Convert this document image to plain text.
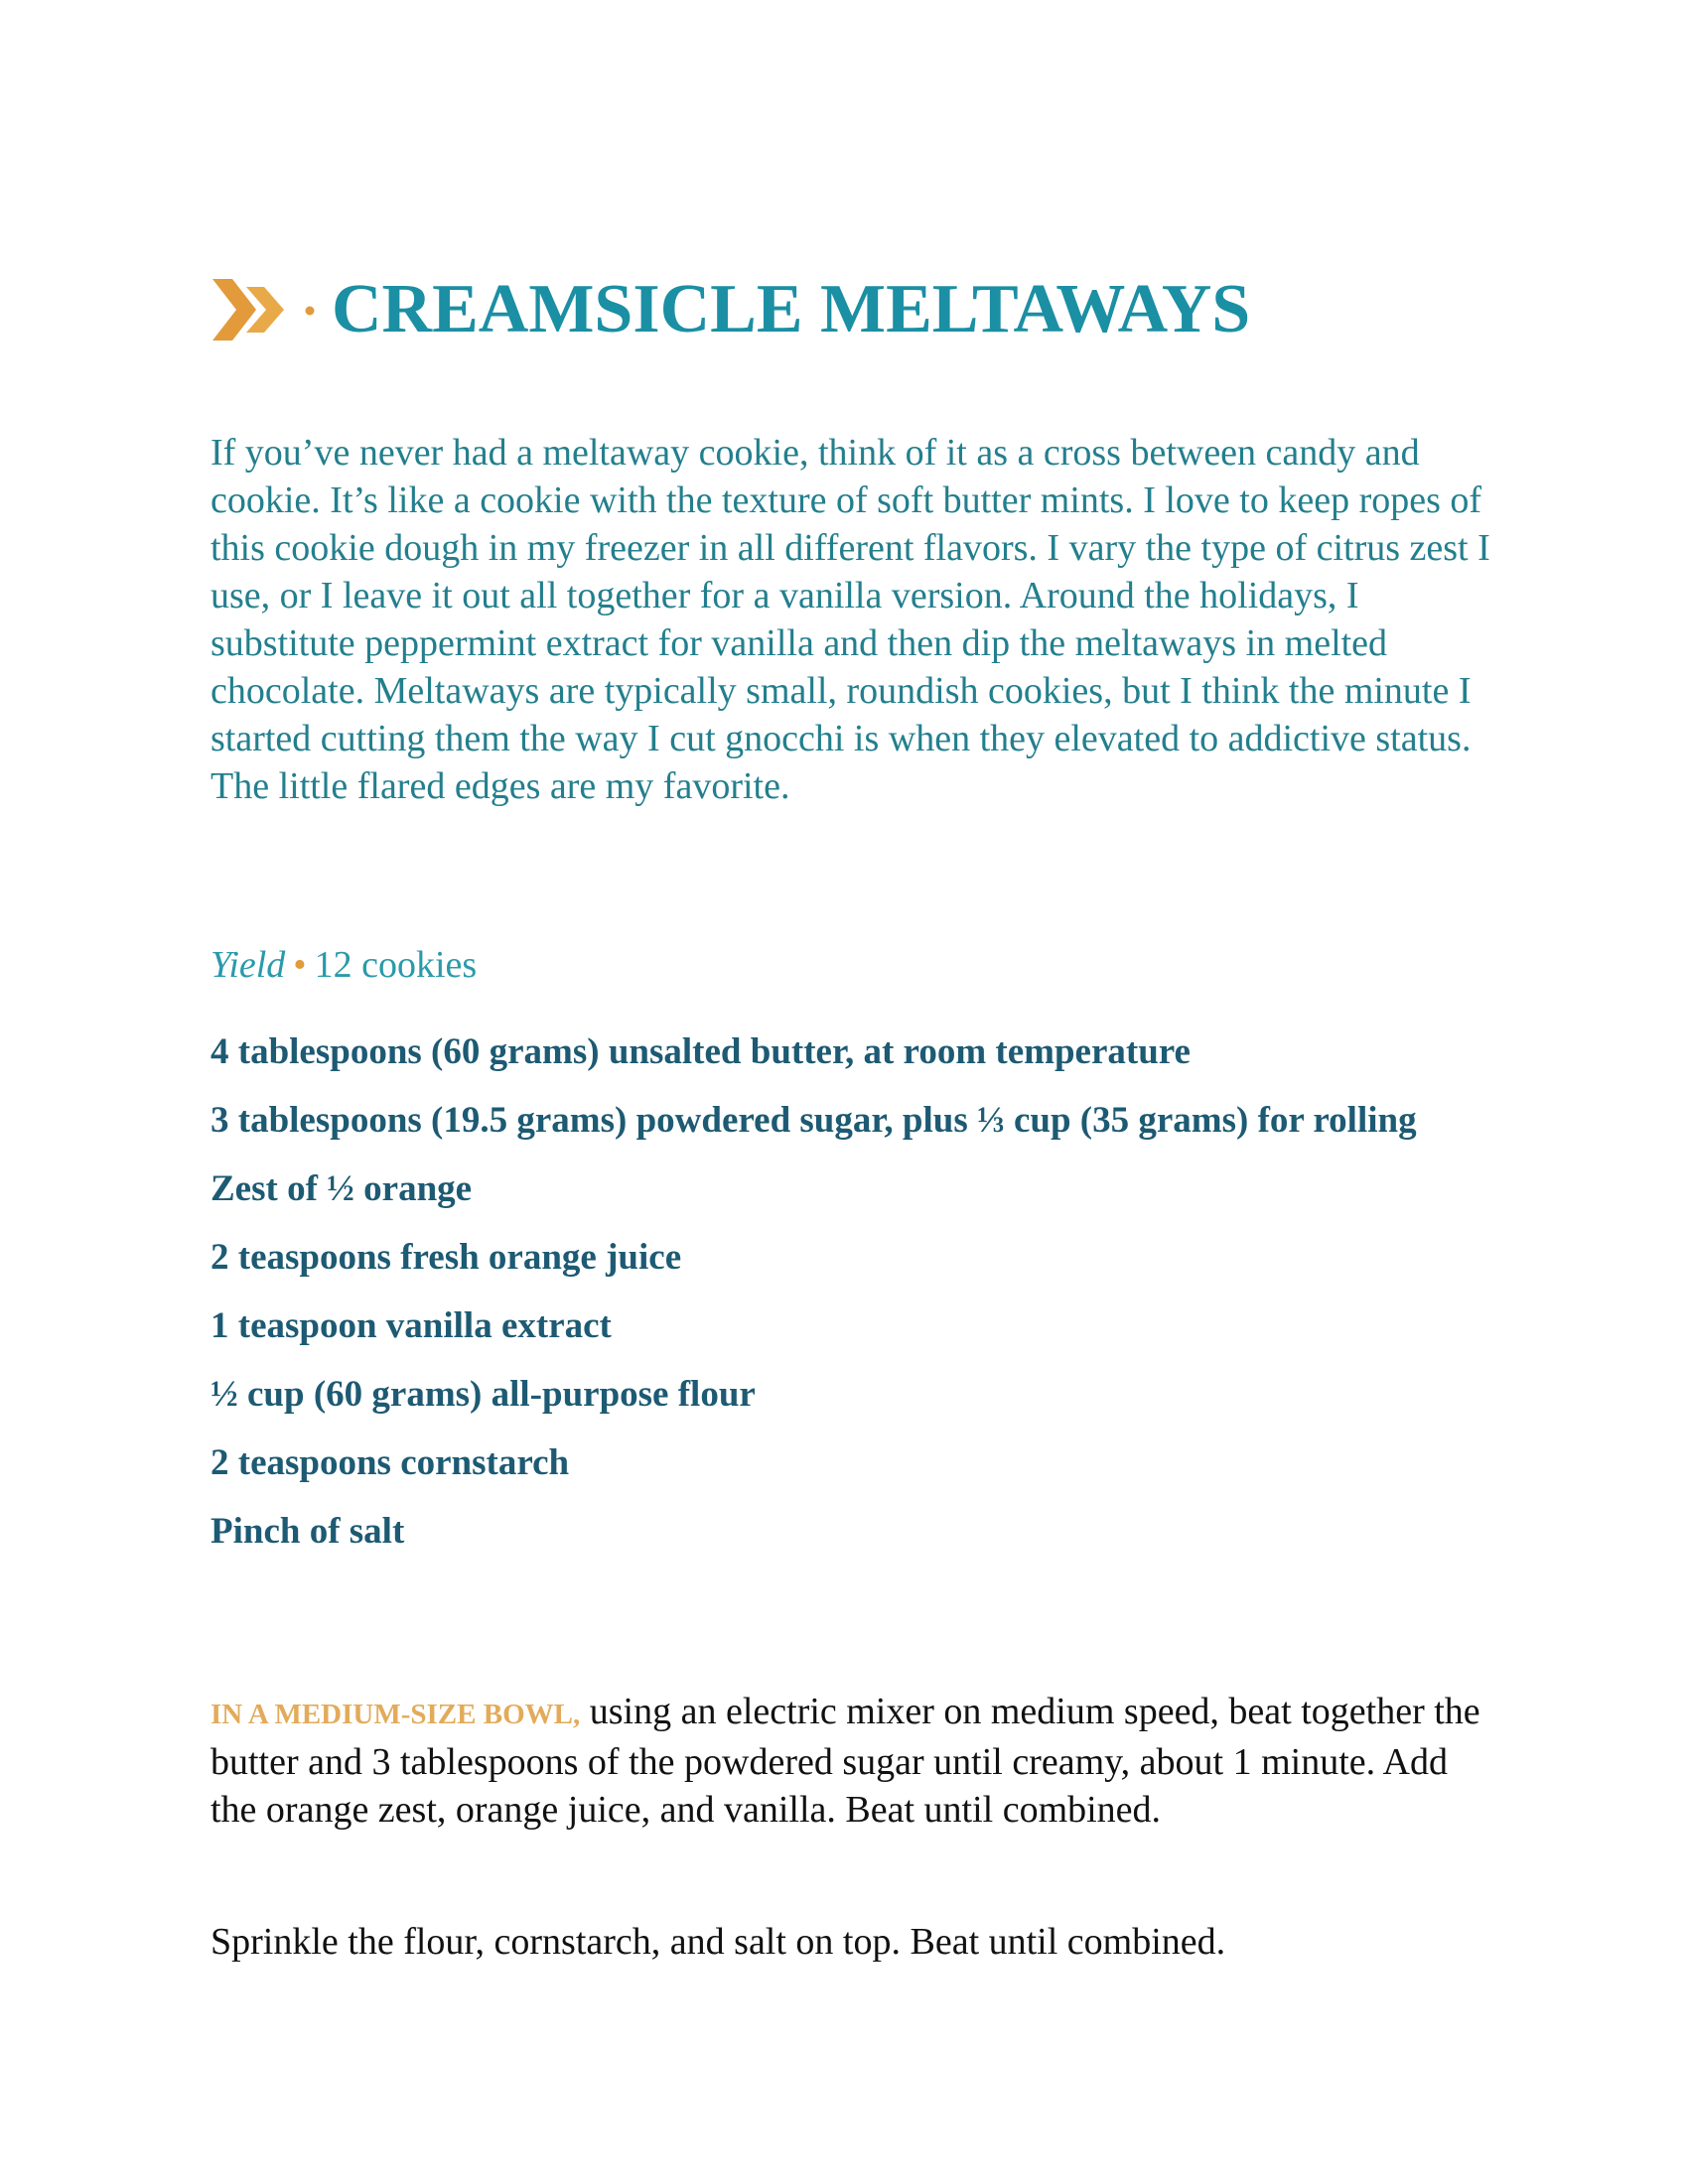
CREAMSICLE MELTAWAYS

If you’ve never had a meltaway cookie, think of it as a cross between candy and cookie. It’s like a cookie with the texture of soft butter mints. I love to keep ropes of this cookie dough in my freezer in all different flavors. I vary the type of citrus zest I use, or I leave it out all together for a vanilla version. Around the holidays, I substitute peppermint extract for vanilla and then dip the meltaways in melted chocolate. Meltaways are typically small, roundish cookies, but I think the minute I started cutting them the way I cut gnocchi is when they elevated to addictive status. The little flared edges are my favorite.

Yield • 12 cookies

4 tablespoons (60 grams) unsalted butter, at room temperature
3 tablespoons (19.5 grams) powdered sugar, plus ⅓ cup (35 grams) for rolling
Zest of ½ orange
2 teaspoons fresh orange juice
1 teaspoon vanilla extract
½ cup (60 grams) all-purpose flour
2 teaspoons cornstarch
Pinch of salt

IN A MEDIUM-SIZE BOWL, using an electric mixer on medium speed, beat together the butter and 3 tablespoons of the powdered sugar until creamy, about 1 minute. Add the orange zest, orange juice, and vanilla. Beat until combined.

Sprinkle the flour, cornstarch, and salt on top. Beat until combined.
